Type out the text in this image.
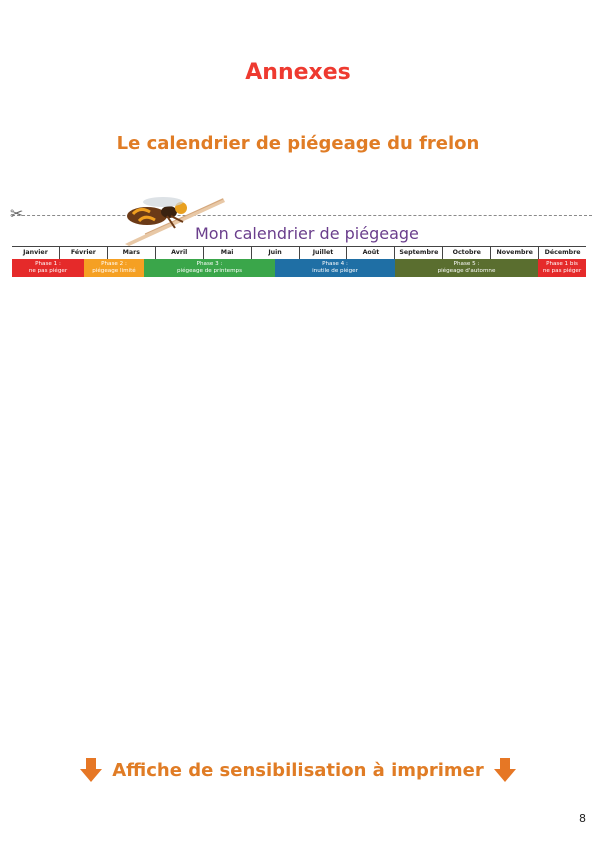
Annexes
Le calendrier de piégeage du frelon
✂
Mon calendrier de piégeage
Janvier	Février	Mars	Avril	Mai	Juin	Juillet	Août	Septembre	Octobre	Novembre	Décembre
Phase 1 :
ne pas piéger
Phase 2 :
piégeage limité
Phase 3 :
piégeage de printemps
Phase 4 :
inutile de piéger
Phase 5 :
piégeage d'automne
Phase 1 bis
ne pas piéger
Affiche de sensibilisation à imprimer
8
